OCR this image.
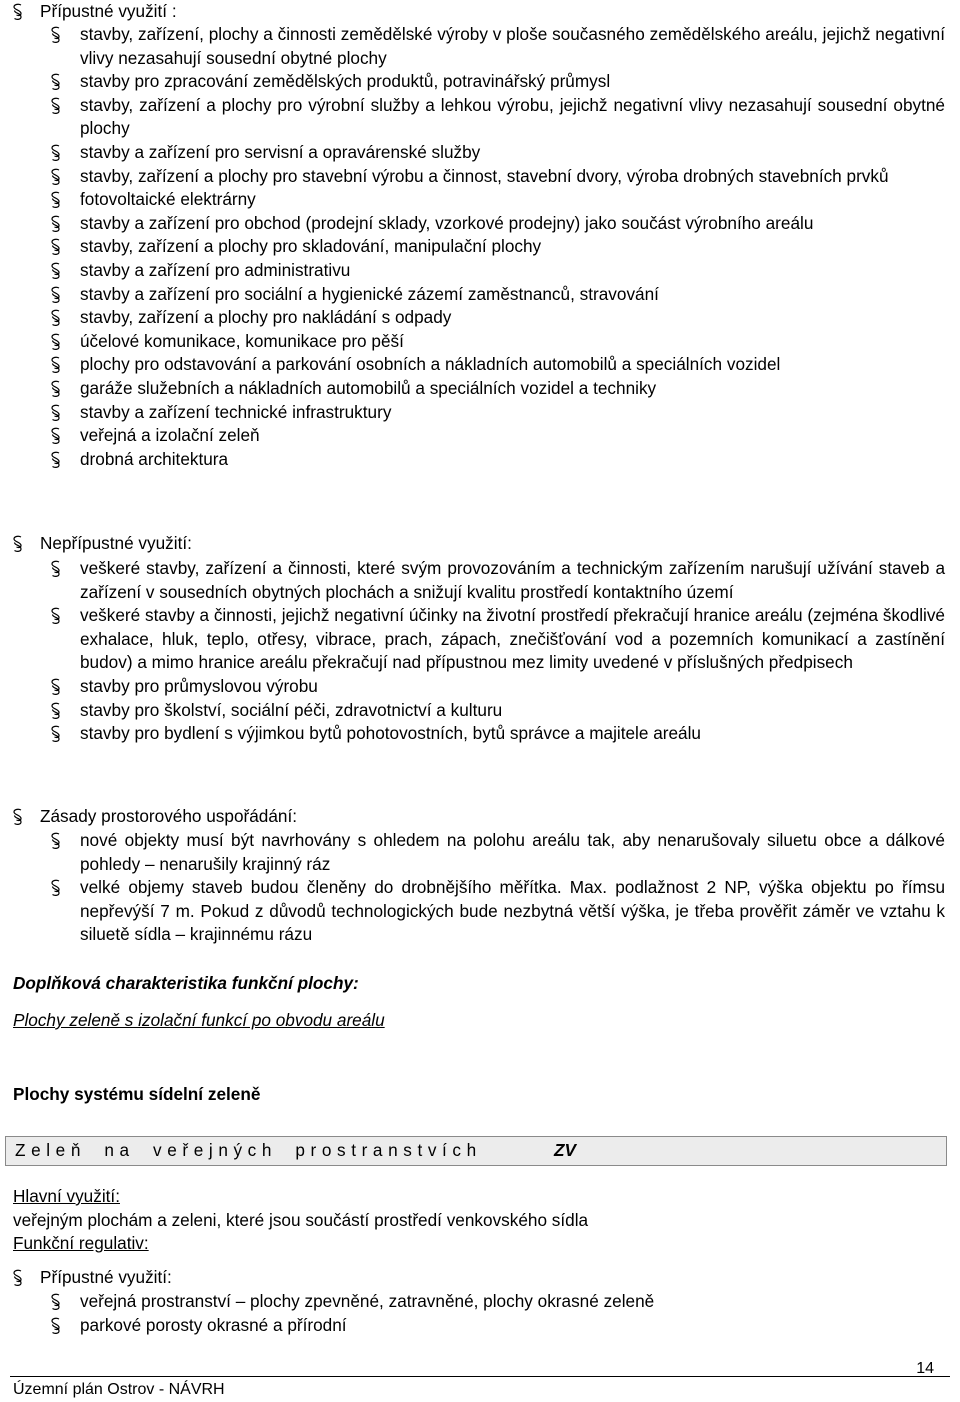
Přípustné využití :
stavby, zařízení, plochy a činnosti zemědělské výroby v ploše současného zemědělského areálu, jejichž negativní vlivy nezasahují sousední obytné plochy
stavby pro zpracování zemědělských produktů, potravinářský průmysl
stavby, zařízení a plochy pro výrobní služby a lehkou výrobu, jejichž negativní vlivy nezasahují sousední obytné plochy
stavby a zařízení pro servisní a opravárenské služby
stavby, zařízení a plochy pro stavební výrobu a činnost, stavební dvory, výroba drobných stavebních prvků
fotovoltaické elektrárny
stavby a zařízení pro obchod (prodejní sklady, vzorkové prodejny) jako součást výrobního areálu
stavby, zařízení a plochy pro skladování, manipulační plochy
stavby a zařízení pro administrativu
stavby a zařízení pro sociální a hygienické zázemí zaměstnanců, stravování
stavby, zařízení a plochy pro nakládání s odpady
účelové komunikace, komunikace pro pěší
plochy pro odstavování a parkování osobních a nákladních automobilů a speciálních vozidel
garáže služebních a nákladních automobilů a speciálních vozidel a techniky
stavby a zařízení technické infrastruktury
veřejná a izolační zeleň
drobná architektura
Nepřípustné využití:
veškeré stavby, zařízení a činnosti, které svým provozováním a technickým zařízením narušují užívání staveb a zařízení v sousedních obytných plochách a snižují kvalitu prostředí kontaktního území
veškeré stavby a činnosti, jejichž negativní účinky na životní prostředí překračují hranice areálu (zejména škodlivé exhalace, hluk, teplo, otřesy, vibrace, prach, zápach, znečišťování vod a pozemních komunikací a zastínění budov) a mimo hranice areálu překračují nad přípustnou mez limity uvedené v příslušných předpisech
stavby pro průmyslovou výrobu
stavby pro školství, sociální péči, zdravotnictví a kulturu
stavby pro bydlení s výjimkou bytů pohotovostních, bytů správce a majitele areálu
Zásady prostorového uspořádání:
nové objekty musí být navrhovány s ohledem na polohu areálu tak, aby nenarušovaly siluetu obce a dálkové pohledy – nenarušily krajinný ráz
velké objemy staveb budou členěny do drobnějšího měřítka. Max. podlažnost 2 NP, výška objektu po římsu nepřevýší 7 m. Pokud z důvodů technologických bude nezbytná větší výška, je třeba prověřit záměr ve vztahu k siluetě sídla – krajinnému rázu
Doplňková charakteristika funkční plochy:
Plochy zeleně s izolační funkcí po obvodu areálu
Plochy systému sídelní zeleně
Zeleň na veřejných prostranstvích	ZV
Hlavní využití:
veřejným plochám a zeleni, které jsou součástí prostředí venkovského sídla
Funkční regulativ:
Přípustné využití:
veřejná prostranství – plochy zpevněné, zatravněné, plochy okrasné zeleně
parkové porosty okrasné a přírodní
14
Územní plán Ostrov - NÁVRH
